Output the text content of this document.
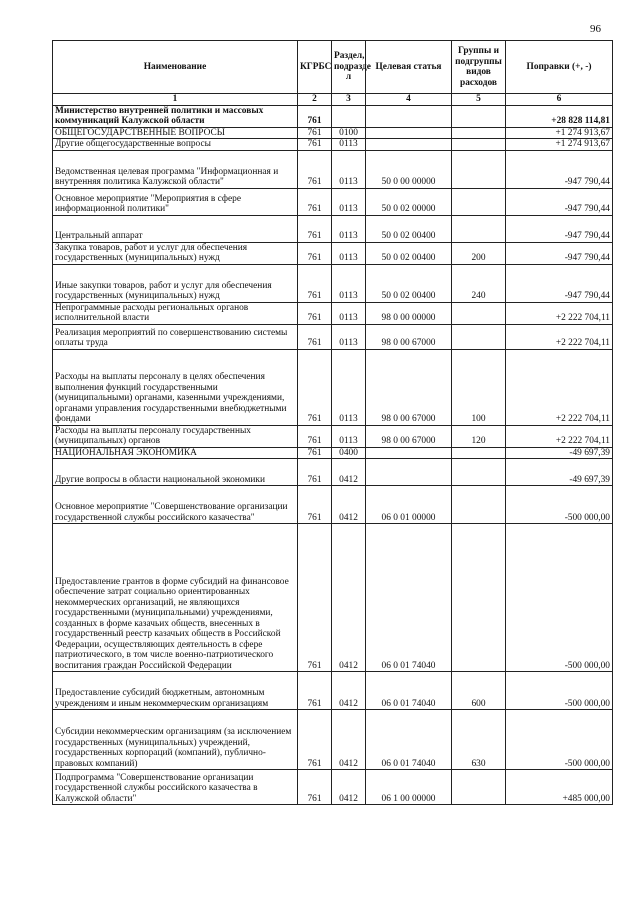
96
Наименование	КГРБС	Раздел, подразде л	Целевая статья	Группы и подгруппы видов расходов	Поправки (+, -)
1	2	3	4	5	6
Министерство внутренней политики и массовых коммуникаций Калужской области	761				+28 828 114,81
ОБЩЕГОСУДАРСТВЕННЫЕ ВОПРОСЫ	761	0100			+1 274 913,67
Другие общегосударственные вопросы	761	0113			+1 274 913,67
Ведомственная целевая программа "Информационная и внутренняя политика Калужской области"	761	0113	50 0 00 00000		-947 790,44
Основное мероприятие "Мероприятия в сфере информационной политики"	761	0113	50 0 02 00000		-947 790,44
Центральный аппарат	761	0113	50 0 02 00400		-947 790,44
Закупка товаров, работ и услуг для обеспечения государственных (муниципальных) нужд	761	0113	50 0 02 00400	200	-947 790,44
Иные закупки товаров, работ и услуг для обеспечения государственных (муниципальных) нужд	761	0113	50 0 02 00400	240	-947 790,44
Непрограммные расходы региональных органов исполнительной власти	761	0113	98 0 00 00000		+2 222 704,11
Реализация мероприятий по совершенствованию системы оплаты труда	761	0113	98 0 00 67000		+2 222 704,11
Расходы на выплаты персоналу в целях обеспечения выполнения функций государственными (муниципальными) органами, казенными учреждениями, органами управления государственными внебюджетными фондами	761	0113	98 0 00 67000	100	+2 222 704,11
Расходы на выплаты персоналу государственных (муниципальных) органов	761	0113	98 0 00 67000	120	+2 222 704,11
НАЦИОНАЛЬНАЯ ЭКОНОМИКА	761	0400			-49 697,39
Другие вопросы в области национальной экономики	761	0412			-49 697,39
Основное мероприятие "Совершенствование организации государственной службы российского казачества"	761	0412	06 0 01 00000		-500 000,00
Предоставление грантов в форме субсидий на финансовое обеспечение затрат социально ориентированных некоммерческих организаций, не являющихся государственными (муниципальными) учреждениями, созданных в форме казачьих обществ, внесенных в государственный реестр казачьих обществ в Российской Федерации, осуществляющих деятельность в сфере патриотического, в том числе военно-патриотического воспитания граждан Российской Федерации	761	0412	06 0 01 74040		-500 000,00
Предоставление субсидий бюджетным, автономным учреждениям и иным некоммерческим организациям	761	0412	06 0 01 74040	600	-500 000,00
Субсидии некоммерческим организациям (за исключением государственных (муниципальных) учреждений, государственных корпораций (компаний), публично-правовых компаний)	761	0412	06 0 01 74040	630	-500 000,00
Подпрограмма "Совершенствование организации государственной службы российского казачества в Калужской области"	761	0412	06 1 00 00000		+485 000,00
